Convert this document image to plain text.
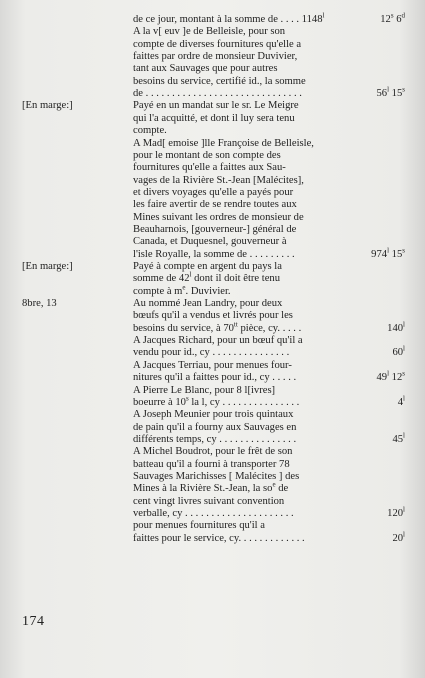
de ce jour, montant à la somme de . . . . 1148$^l$
A la v[ euv ]e de Belleisle, pour son
compte de diverses fournitures qu'elle a
faittes par ordre de monsieur Duvivier,
tant aux Sauvages que pour autres
besoins du service, certifié id., la somme
de . . . . . . . . . . . . . . . . . . . . . . . . . . . . . .
Payé en un mandat sur le sr. Le Meigre
qui l'a acquitté, et dont il luy sera tenu
compte.
A Mad[ emoise ]lle Françoise de Belleisle,
pour le montant de son compte des
fournitures qu'elle a faittes aux Sau-
vages de la Rivière St.-Jean [Malécites],
et divers voyages qu'elle a payés pour
les faire avertir de se rendre toutes aux
Mines suivant les ordres de monsieur de
Beauharnois, [gouverneur-] général de
Canada, et Duquesnel, gouverneur à
l'isle Royalle, la somme de . . . . . . . . .
Payé à compte en argent du pays la
somme de 42$^l$ dont il doit être tenu
compte à $m^e$. Duvivier.
Au nommé Jean Landry, pour deux
bœufs qu'il a vendus et livrés pour les
besoins du service, à $70^{tt}$ pièce, cy. . . . .
A Jacques Richard, pour un bœuf qu'il a
vendu pour id., cy . . . . . . . . . . . . . . .
A Jacques Terriau, pour menues four-
nitures qu'il a faittes pour id., cy . . . . .
A Pierre Le Blanc, pour 8 l[ivres]
boeurre à 10$^s$ la l, cy . . . . . . . . . . . . . . .
A Joseph Meunier pour trois quintaux
de pain qu'il a fourny aux Sauvages en
différents temps, cy . . . . . . . . . . . . . . .
A Michel Boudrot, pour le frêt de son
batteau qu'il a fourni à transporter 78
Sauvages Marichisses [ Malécites ] des
Mines à la Rivière St.-Jean, la $so^e$ de
cent vingt livres suivant convention
verballe, cy . . . . . . . . . . . . . . . . . . . . .
pour menues fournitures qu'il a
faittes pour le service, cy. . . . . . . . . . . . .
[En marge:]
[En marge:]
8bre, 13
12$^s$ 6$^d$
56$^l$ 15$^s$
974$^l$ 15$^s$
140$^l$
60$^l$
49$^l$ 12$^s$
4$^l$
45$^l$
120$^l$
20$^l$
174
